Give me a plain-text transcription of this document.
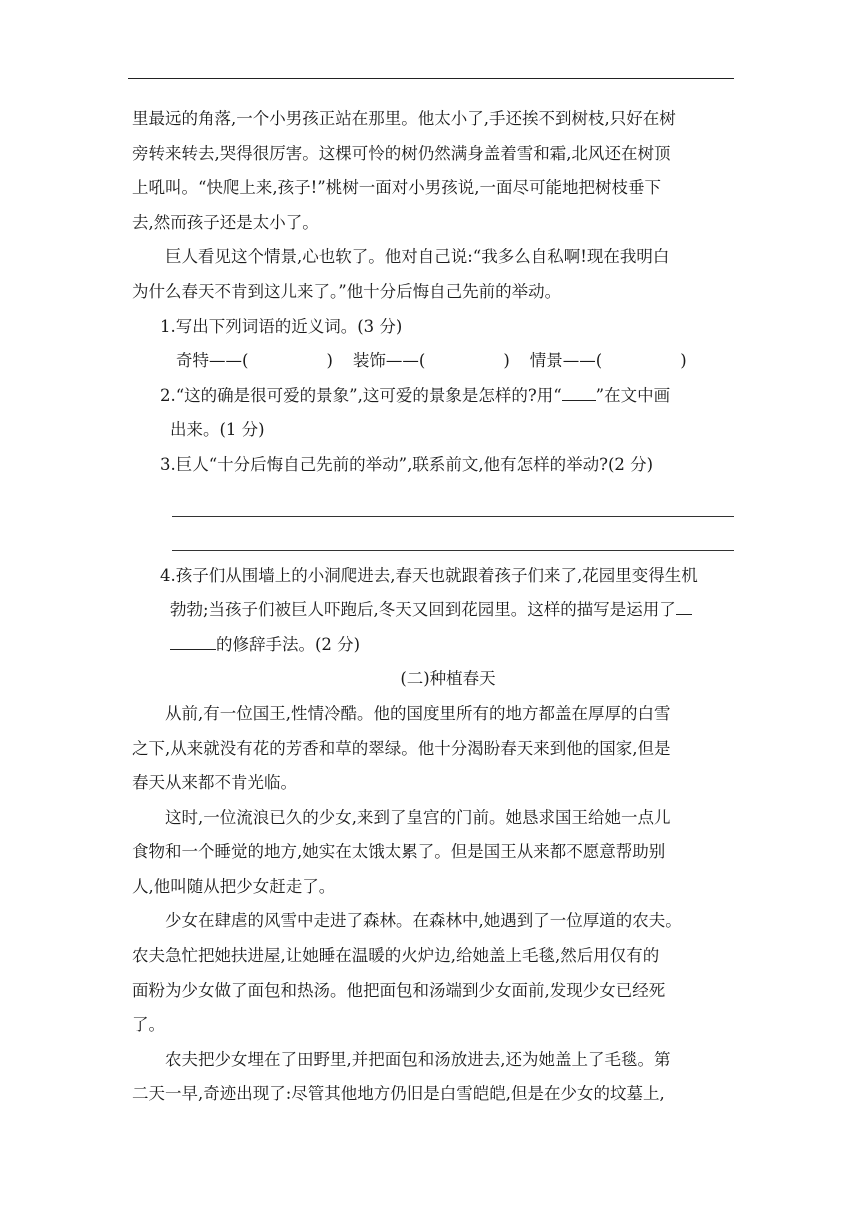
里最远的角落,一个小男孩正站在那里。他太小了,手还挨不到树枝,只好在树
旁转来转去,哭得很厉害。这棵可怜的树仍然满身盖着雪和霜,北风还在树顶
上吼叫。“快爬上来,孩子!”桃树一面对小男孩说,一面尽可能地把树枝垂下
去,然而孩子还是太小了。
巨人看见这个情景,心也软了。他对自己说:“我多么自私啊!现在我明白
为什么春天不肯到这儿来了。”他十分后悔自己先前的举动。
1.写出下列词语的近义词。(3 分)
奇特——(	) 装饰——(	) 情景——(	)
2.“这的确是很可爱的景象”,这可爱的景象是怎样的?用“ ”在文中画
出来。(1 分)
3.巨人“十分后悔自己先前的举动”,联系前文,他有怎样的举动?(2 分)
4.孩子们从围墙上的小洞爬进去,春天也就跟着孩子们来了,花园里变得生机
勃勃;当孩子们被巨人吓跑后,冬天又回到花园里。这样的描写是运用了
的修辞手法。(2 分)
(二)种植春天
从前,有一位国王,性情冷酷。他的国度里所有的地方都盖在厚厚的白雪
之下,从来就没有花的芳香和草的翠绿。他十分渴盼春天来到他的国家,但是
春天从来都不肯光临。
这时,一位流浪已久的少女,来到了皇宫的门前。她恳求国王给她一点儿
食物和一个睡觉的地方,她实在太饿太累了。但是国王从来都不愿意帮助别
人,他叫随从把少女赶走了。
少女在肆虐的风雪中走进了森林。在森林中,她遇到了一位厚道的农夫。
农夫急忙把她扶进屋,让她睡在温暖的火炉边,给她盖上毛毯,然后用仅有的
面粉为少女做了面包和热汤。他把面包和汤端到少女面前,发现少女已经死
了。
农夫把少女埋在了田野里,并把面包和汤放进去,还为她盖上了毛毯。第
二天一早,奇迹出现了:尽管其他地方仍旧是白雪皑皑,但是在少女的坟墓上,
